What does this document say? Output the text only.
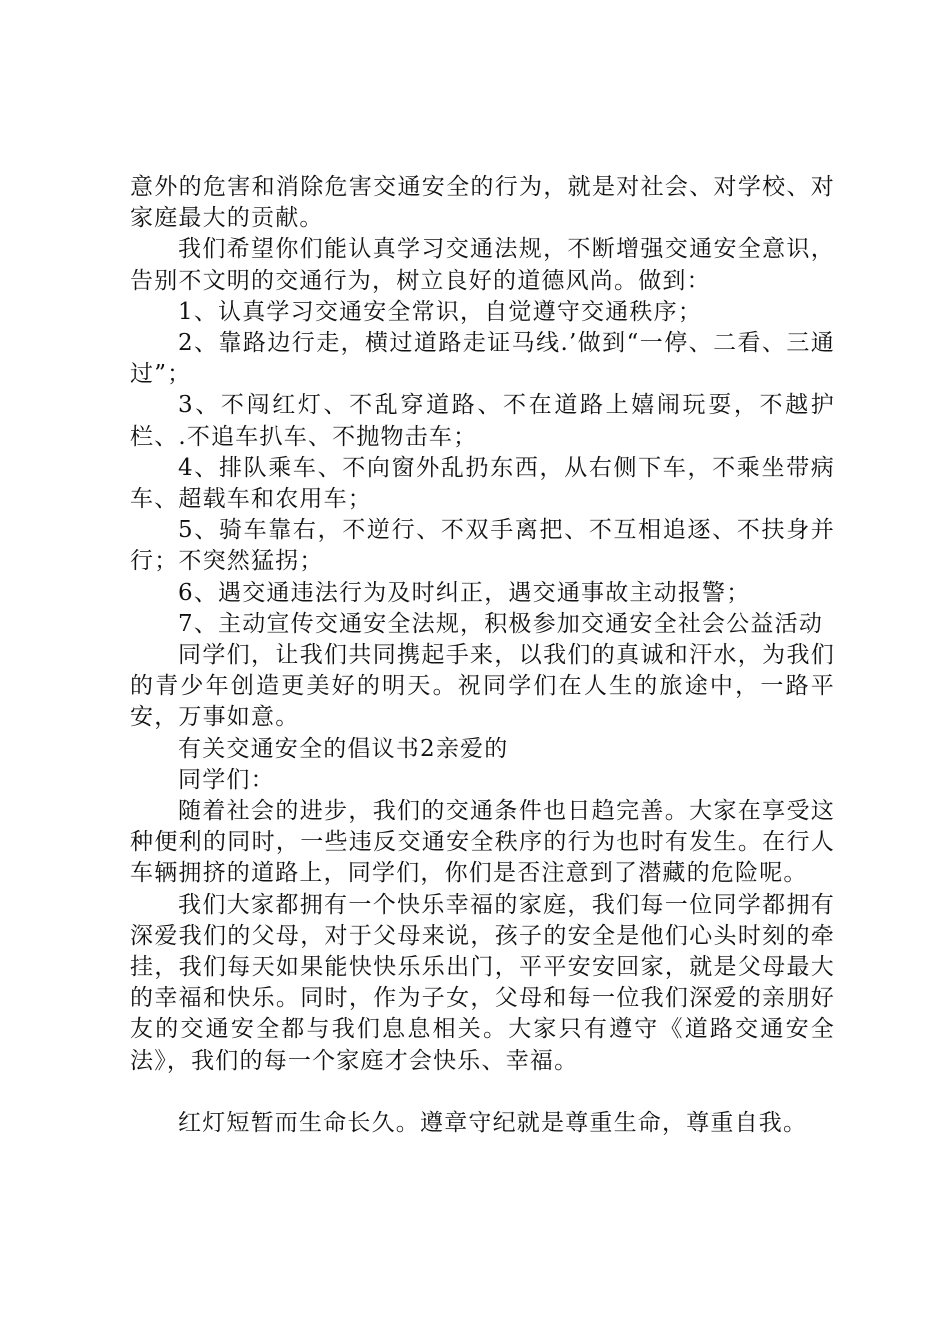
意外的危害和消除危害交通安全的行为，就是对社会、对学校、对家庭最大的贡献。

我们希望你们能认真学习交通法规，不断增强交通安全意识，告别不文明的交通行为，树立良好的道德风尚。做到：

1、认真学习交通安全常识，自觉遵守交通秩序；

2、靠路边行走，横过道路走证马线.’做到“一停、二看、三通过”；

3、不闯红灯、不乱穿道路、不在道路上嬉闹玩耍，不越护栏、.不追车扒车、不抛物击车；

4、排队乘车、不向窗外乱扔东西，从右侧下车，不乘坐带病车、超载车和农用车；

5、骑车靠右，不逆行、不双手离把、不互相追逐、不扶身并行；不突然猛拐；

6、遇交通违法行为及时纠正，遇交通事故主动报警；

7、主动宣传交通安全法规，积极参加交通安全社会公益活动

同学们，让我们共同携起手来，以我们的真诚和汗水，为我们的青少年创造更美好的明天。祝同学们在人生的旅途中，一路平安，万事如意。

有关交通安全的倡议书2亲爱的

同学们：

随着社会的进步，我们的交通条件也日趋完善。大家在享受这种便利的同时，一些违反交通安全秩序的行为也时有发生。在行人车辆拥挤的道路上，同学们，你们是否注意到了潜藏的危险呢。

我们大家都拥有一个快乐幸福的家庭，我们每一位同学都拥有深爱我们的父母，对于父母来说，孩子的安全是他们心头时刻的牵挂，我们每天如果能快快乐乐出门，平平安安回家，就是父母最大的幸福和快乐。同时，作为子女，父母和每一位我们深爱的亲朋好友的交通安全都与我们息息相关。大家只有遵守《道路交通安全法》，我们的每一个家庭才会快乐、幸福。

红灯短暂而生命长久。遵章守纪就是尊重生命，尊重自我。
